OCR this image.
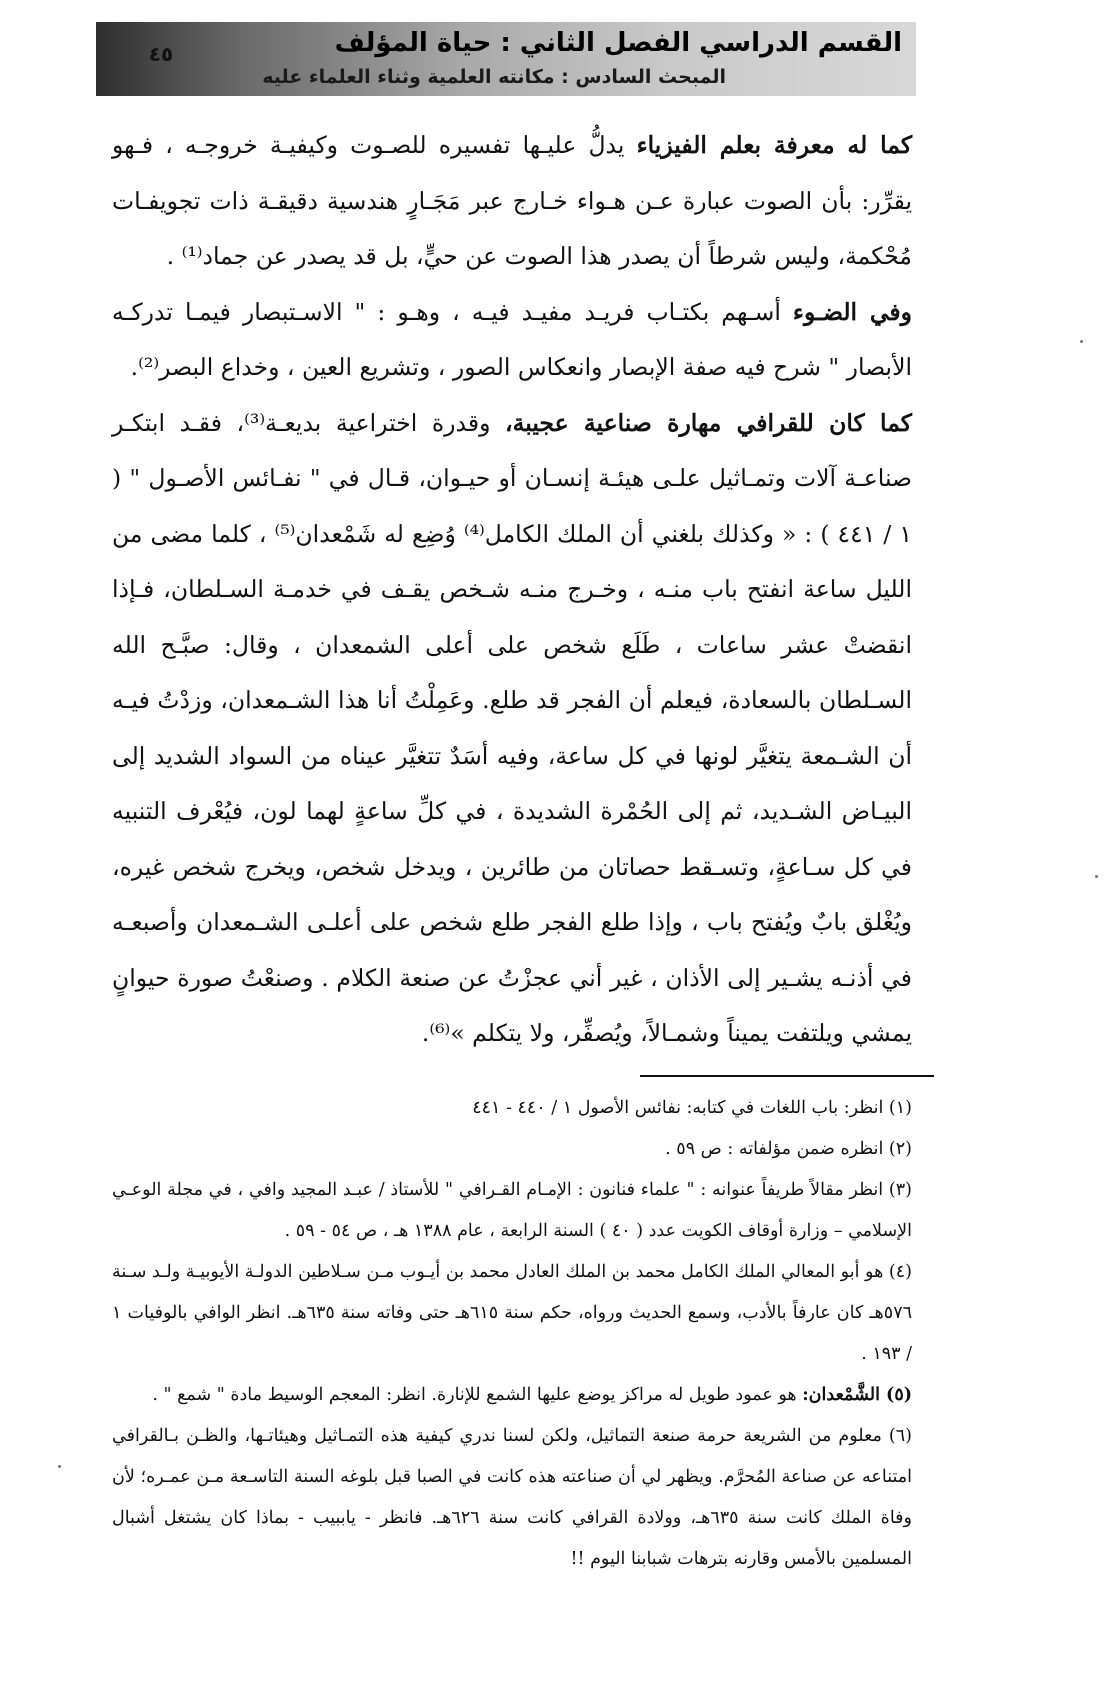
القسم الدراسي الفصل الثاني : حياة المؤلف
المبحث السادس : مكانته العلمية وثناء العلماء عليه
٤٥

كما له معرفة بعلم الفيزياء يدلُّ عليـها تفسيره للصـوت وكيفيـة خروجـه ، فـهو يقرِّر: بأن الصوت عبارة عـن هـواء خـارج عبر مَجَـارٍ هندسية دقيقـة ذات تجويفـات مُحْكمة، وليس شرطاً أن يصدر هذا الصوت عن حيٍّ، بل قد يصدر عن جماد⁽¹⁾ .

وفي الضـوء أسـهم بكتـاب فريـد مفيـد فيـه ، وهـو : " الاسـتبصار فيمـا تدركـه الأبصار " شرح فيه صفة الإبصار وانعكاس الصور ، وتشريع العين ، وخداع البصر⁽²⁾.

كما كان للقرافي مهارة صناعية عجيبة، وقدرة اختراعية بديعـة⁽³⁾، فقـد ابتكـر صناعـة آلات وتمـاثيل علـى هيئـة إنسـان أو حيـوان، قـال في " نفـائس الأصـول " ( ١ / ٤٤١ ) : « وكذلك بلغني أن الملك الكامل⁽⁴⁾ وُضِع له شَمْعدان⁽⁵⁾ ، كلما مضى من الليل ساعة انفتح باب منـه ، وخـرج منـه شـخص يقـف في خدمـة السـلطان، فـإذا انقضتْ عشر ساعات ، طَلَع شخص على أعلى الشمعدان ، وقال: صبَّـح الله السـلطان بالسعادة، فيعلم أن الفجر قد طلع. وعَمِلْتُ أنا هذا الشـمعدان، وزدْتُ فيـه أن الشـمعة يتغيَّر لونها في كل ساعة، وفيه أسَدٌ تتغيَّر عيناه من السواد الشديد إلى البيـاض الشـديد، ثم إلى الحُمْرة الشديدة ، في كلِّ ساعةٍ لهما لون، فيُعْرف التنبيه في كل سـاعةٍ، وتسـقط حصاتان من طائرين ، ويدخل شخص، ويخرج شخص غيره، ويُغْلق بابٌ ويُفتح باب ، وإذا طلع الفجر طلع شخص على أعلـى الشـمعدان وأصبعـه في أذنـه يشـير إلى الأذان ، غير أني عجزْتُ عن صنعة الكلام . وصنعْتُ صورة حيوانٍ يمشي ويلتفت يميناً وشمـالاً، ويُصفِّر، ولا يتكلم »⁽⁶⁾.

(١) انظر: باب اللغات في كتابه: نفائس الأصول ١ / ٤٤٠ - ٤٤١

(٢) انظره ضمن مؤلفاته : ص ٥٩ .

(٣) انظر مقالاً طريفاً عنوانه : " علماء فنانون : الإمـام القـرافي " للأستاذ / عبـد المجيد وافي ، في مجلة الوعـي الإسلامي – وزارة أوقاف الكويت عدد ( ٤٠ ) السنة الرابعة ، عام ١٣٨٨ هـ ، ص ٥٤ - ٥٩ .

(٤) هو أبو المعالي الملك الكامل محمد بن الملك العادل محمد بن أيـوب مـن سـلاطين الدولـة الأيوبيـة ولـد سـنة ٥٧٦هـ كان عارفاً بالأدب، وسمع الحديث ورواه، حكم سنة ٦١٥هـ حتى وفاته سنة ٦٣٥هـ. انظر الوافي بالوفيات ١ / ١٩٣ .

(٥) الشَّمْعدان: هو عمود طويل له مراكز يوضع عليها الشمع للإنارة. انظر: المعجم الوسيط مادة " شمع " .

(٦) معلوم من الشريعة حرمة صنعة التماثيل، ولكن لسنا ندري كيفية هذه التمـاثيل وهيئاتـها، والظـن بـالقرافي امتناعه عن صناعة المُحرَّم. ويظهر لي أن صناعته هذه كانت في الصبا قبل بلوغه السنة التاسـعة مـن عمـره؛ لأن وفاة الملك كانت سنة ٦٣٥هـ، وولادة القرافي كانت سنة ٦٢٦هـ. فانظر - ياببيب - بماذا كان يشتغل أشبال المسلمين بالأمس وقارنه بترهات شبابنا اليوم !!
